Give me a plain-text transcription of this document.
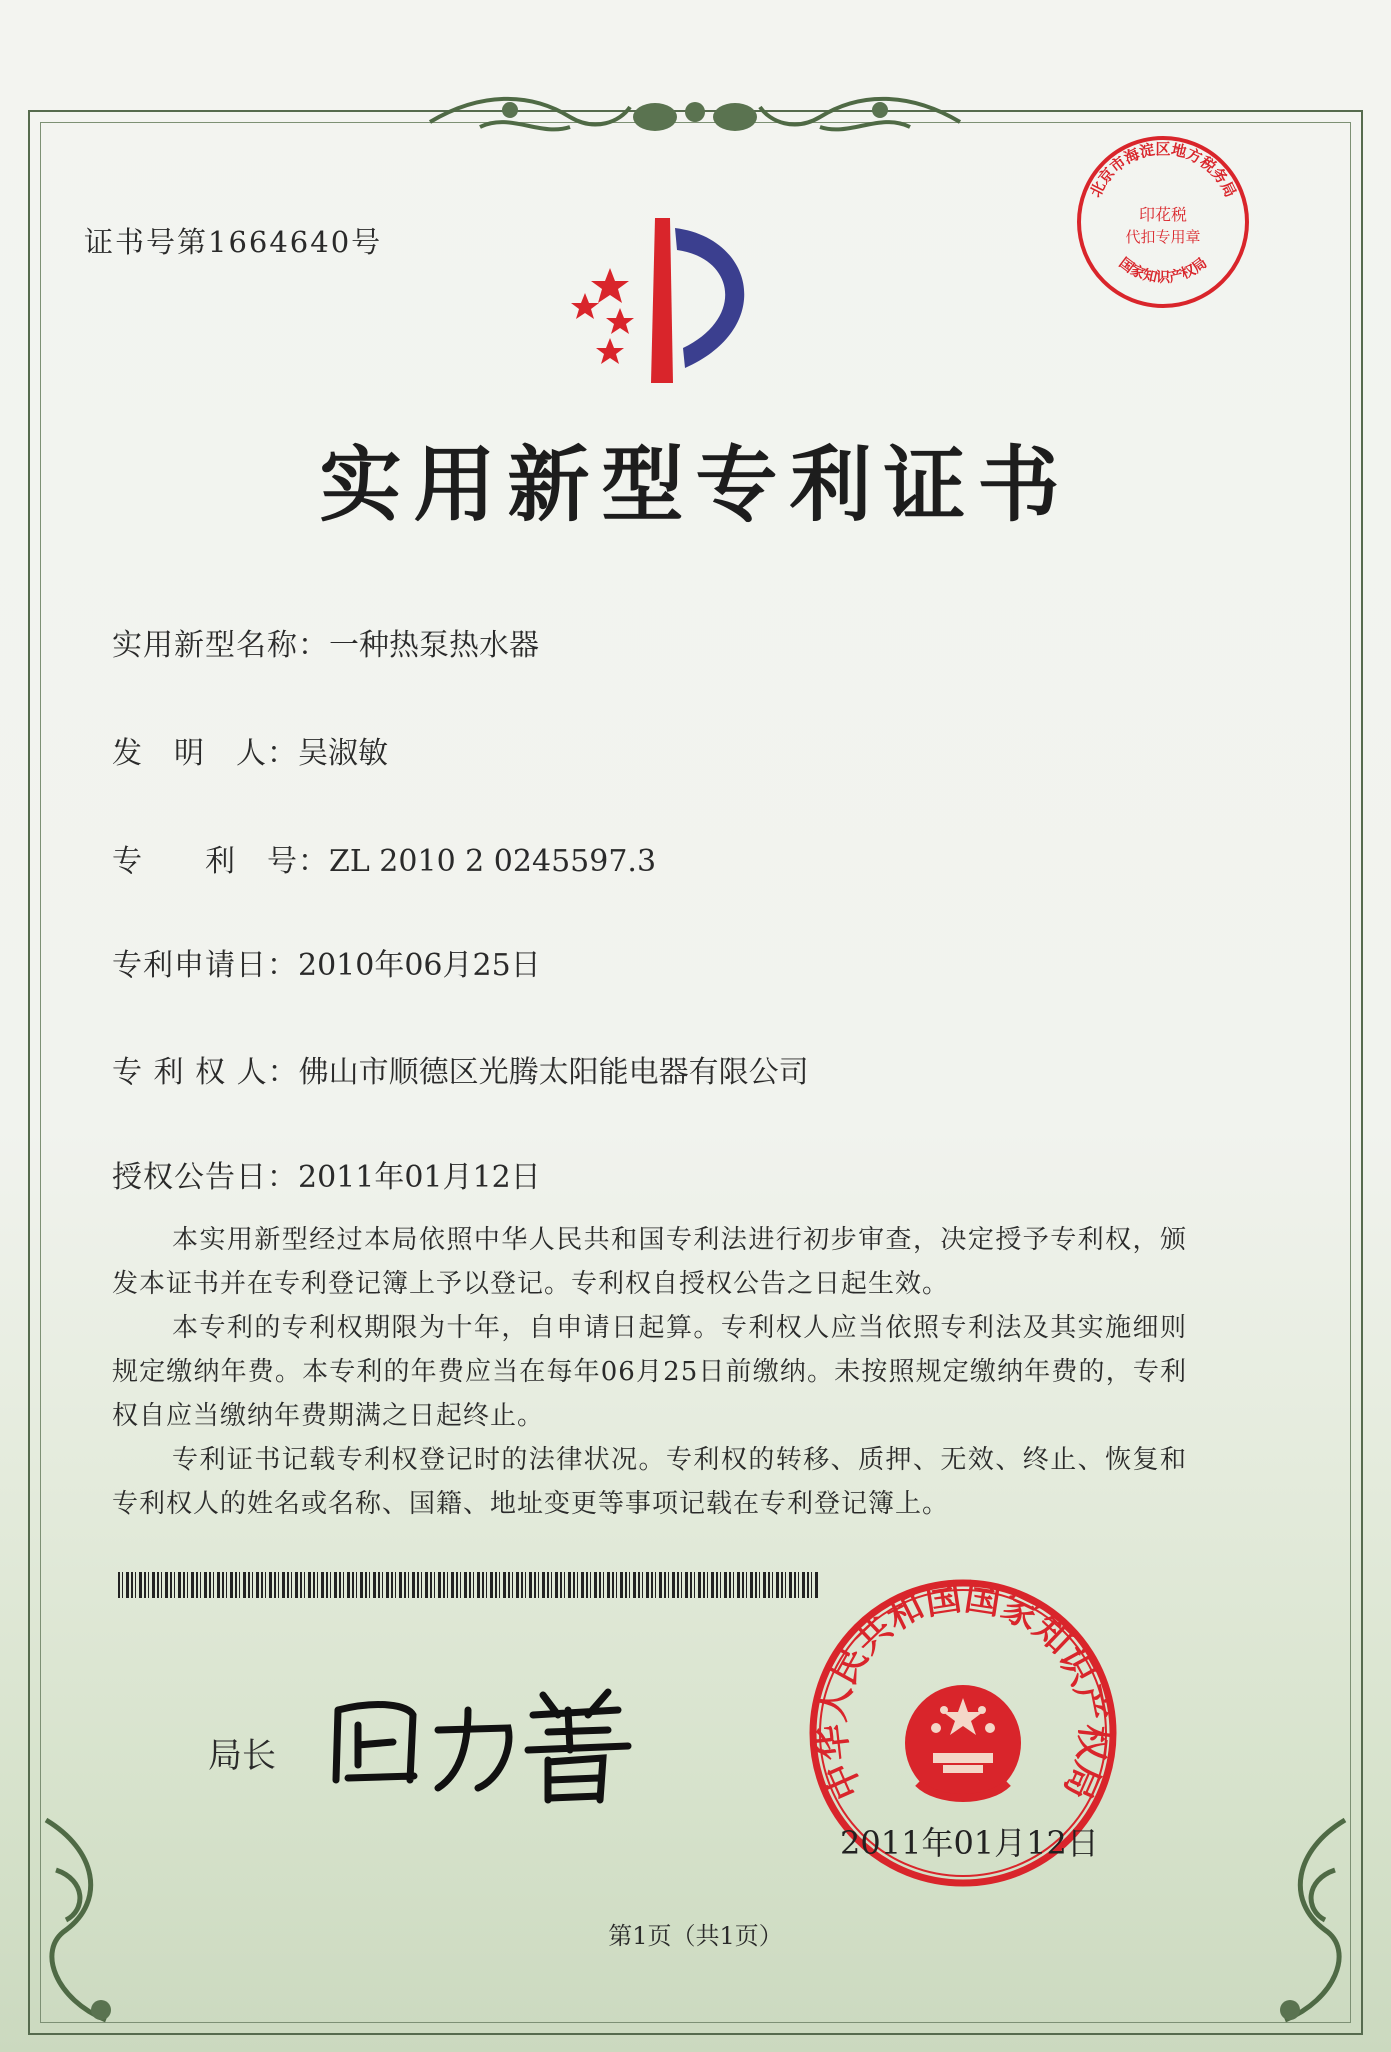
证书号第1664640号
北京市海淀区地方税务局
国家知识产权局
印花税
代扣专用章
实用新型专利证书
实用新型名称：一种热泵热水器
发　明　人：吴淑敏
专　　利　号：ZL 2010 2 0245597.3
专利申请日：2010年06月25日
专 利 权 人：佛山市顺德区光腾太阳能电器有限公司
授权公告日：2011年01月12日
本实用新型经过本局依照中华人民共和国专利法进行初步审查，决定授予专利权，颁发本证书并在专利登记簿上予以登记。专利权自授权公告之日起生效。
本专利的专利权期限为十年，自申请日起算。专利权人应当依照专利法及其实施细则规定缴纳年费。本专利的年费应当在每年06月25日前缴纳。未按照规定缴纳年费的，专利权自应当缴纳年费期满之日起终止。
专利证书记载专利权登记时的法律状况。专利权的转移、质押、无效、终止、恢复和专利权人的姓名或名称、国籍、地址变更等事项记载在专利登记簿上。
局长	中华人民共和国国家知识产权局
2011年01月12日
第1页（共1页）
